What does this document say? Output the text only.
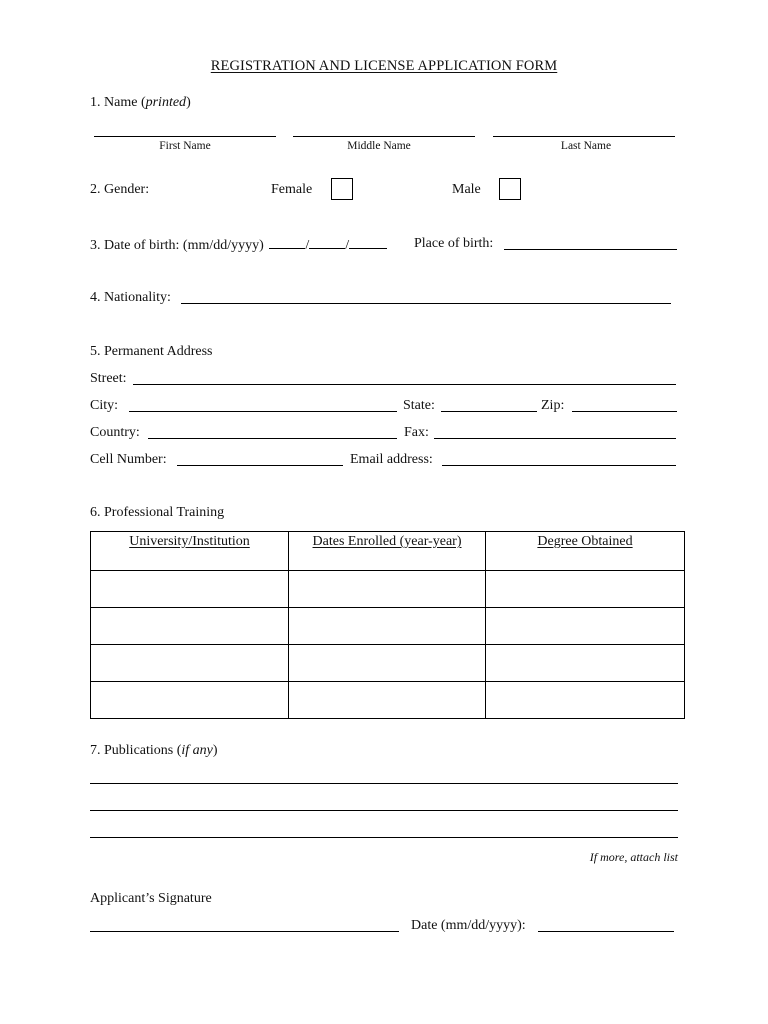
REGISTRATION AND LICENSE APPLICATION FORM
1. Name (printed)
First Name	Middle Name	Last Name
2. Gender:	Female	Male
3. Date of birth: (mm/dd/yyyy)	/	/	Place of birth:
4. Nationality:
5. Permanent Address
Street:
City:	State:	Zip:
Country:	Fax:
Cell Number:	Email address:
6. Professional Training
University/Institution	Dates Enrolled (year-year)	Degree Obtained

7. Publications (if any)
If more, attach list
Applicant’s Signature
Date (mm/dd/yyyy):
